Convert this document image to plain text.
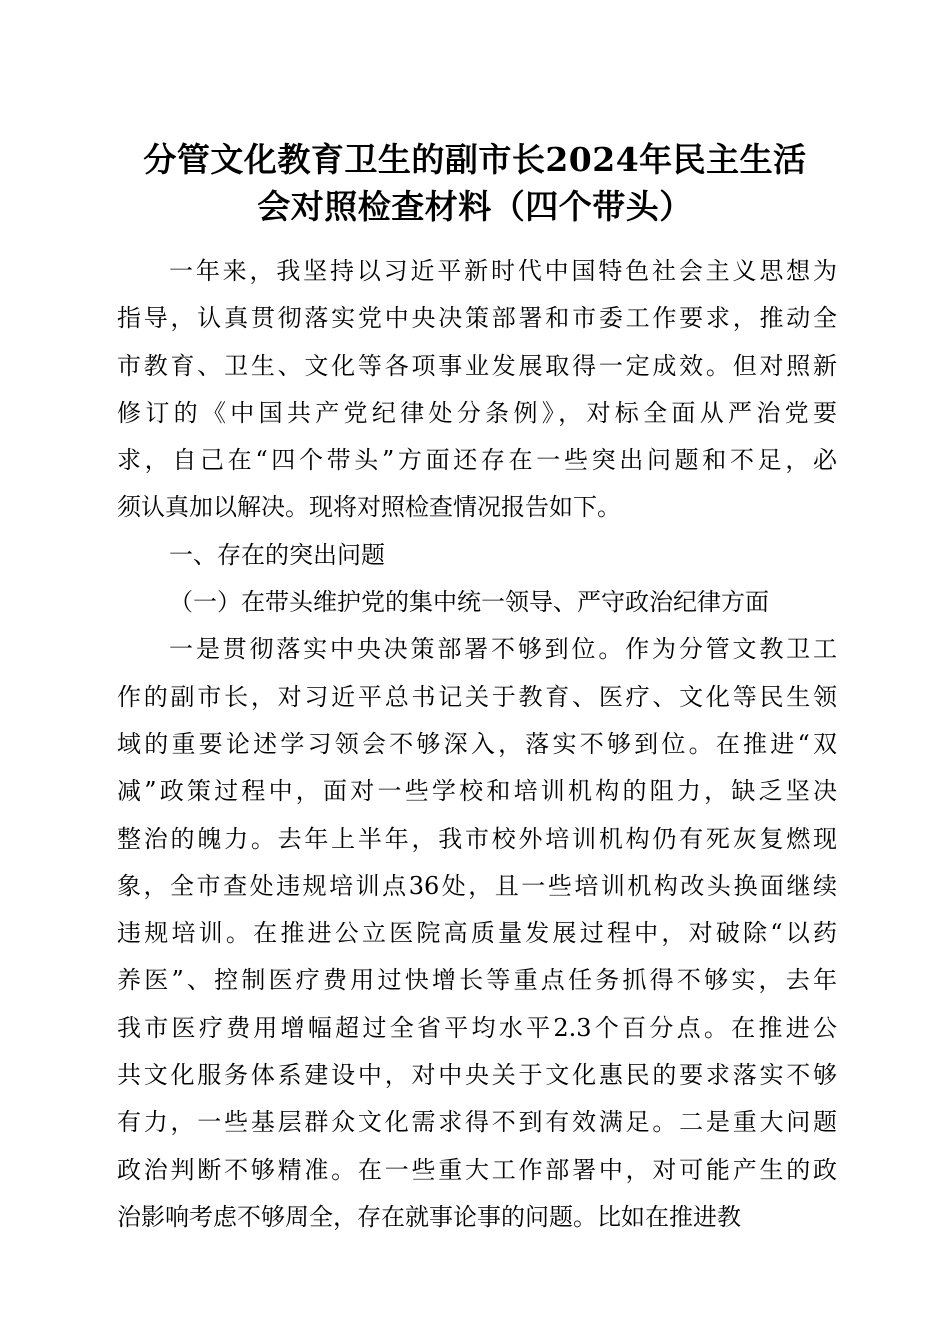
分管文化教育卫生的副市长2024年民主生活
会对照检查材料（四个带头）
一年来，我坚持以习近平新时代中国特色社会主义思想为
指导，认真贯彻落实党中央决策部署和市委工作要求，推动全
市教育、卫生、文化等各项事业发展取得一定成效。但对照新
修订的《中国共产党纪律处分条例》，对标全面从严治党要
求，自己在“四个带头”方面还存在一些突出问题和不足，必
须认真加以解决。现将对照检查情况报告如下。
一、存在的突出问题
（一）在带头维护党的集中统一领导、严守政治纪律方面
一是贯彻落实中央决策部署不够到位。作为分管文教卫工
作的副市长，对习近平总书记关于教育、医疗、文化等民生领
域的重要论述学习领会不够深入，落实不够到位。在推进“双
减”政策过程中，面对一些学校和培训机构的阻力，缺乏坚决
整治的魄力。去年上半年，我市校外培训机构仍有死灰复燃现
象，全市查处违规培训点36处，且一些培训机构改头换面继续
违规培训。在推进公立医院高质量发展过程中，对破除“以药
养医”、控制医疗费用过快增长等重点任务抓得不够实，去年
我市医疗费用增幅超过全省平均水平2.3个百分点。在推进公
共文化服务体系建设中，对中央关于文化惠民的要求落实不够
有力，一些基层群众文化需求得不到有效满足。二是重大问题
政治判断不够精准。在一些重大工作部署中，对可能产生的政
治影响考虑不够周全，存在就事论事的问题。比如在推进教
